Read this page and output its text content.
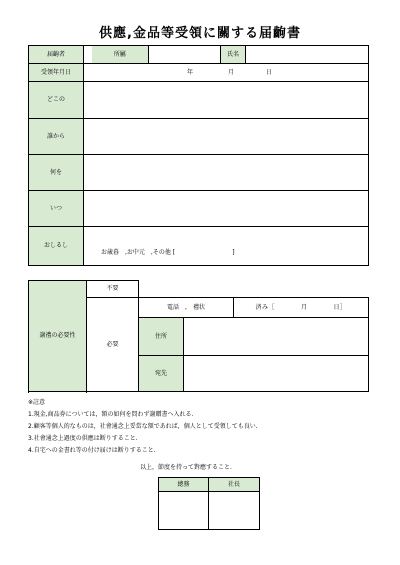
供應,金品等受領に關する届齣書
届齣者		所屬		氏名	
受領年月日	年 月 日				
どこの					
誰から					
何を					
いつ					
おしるし	お歳暮　,お中元　,その他 [                              ]				
謝禮の必要性	不要			
	必要	電話　,　禮状		済み［　　　　月　　　　日］
		住所		
		宛先		

※註意
1.現金,商品券については，額の如何を問わず謝贈書へ入れる.
2.顧客等個人的なものは，社會通念上妥當な額であれば，個人として受領しても良い.
3.社會通念上過度の供應は断りすること.
4.自宅への金書れ等の付け届けは断りすること.
以上，節度を持って對應すること.
總務	社長
